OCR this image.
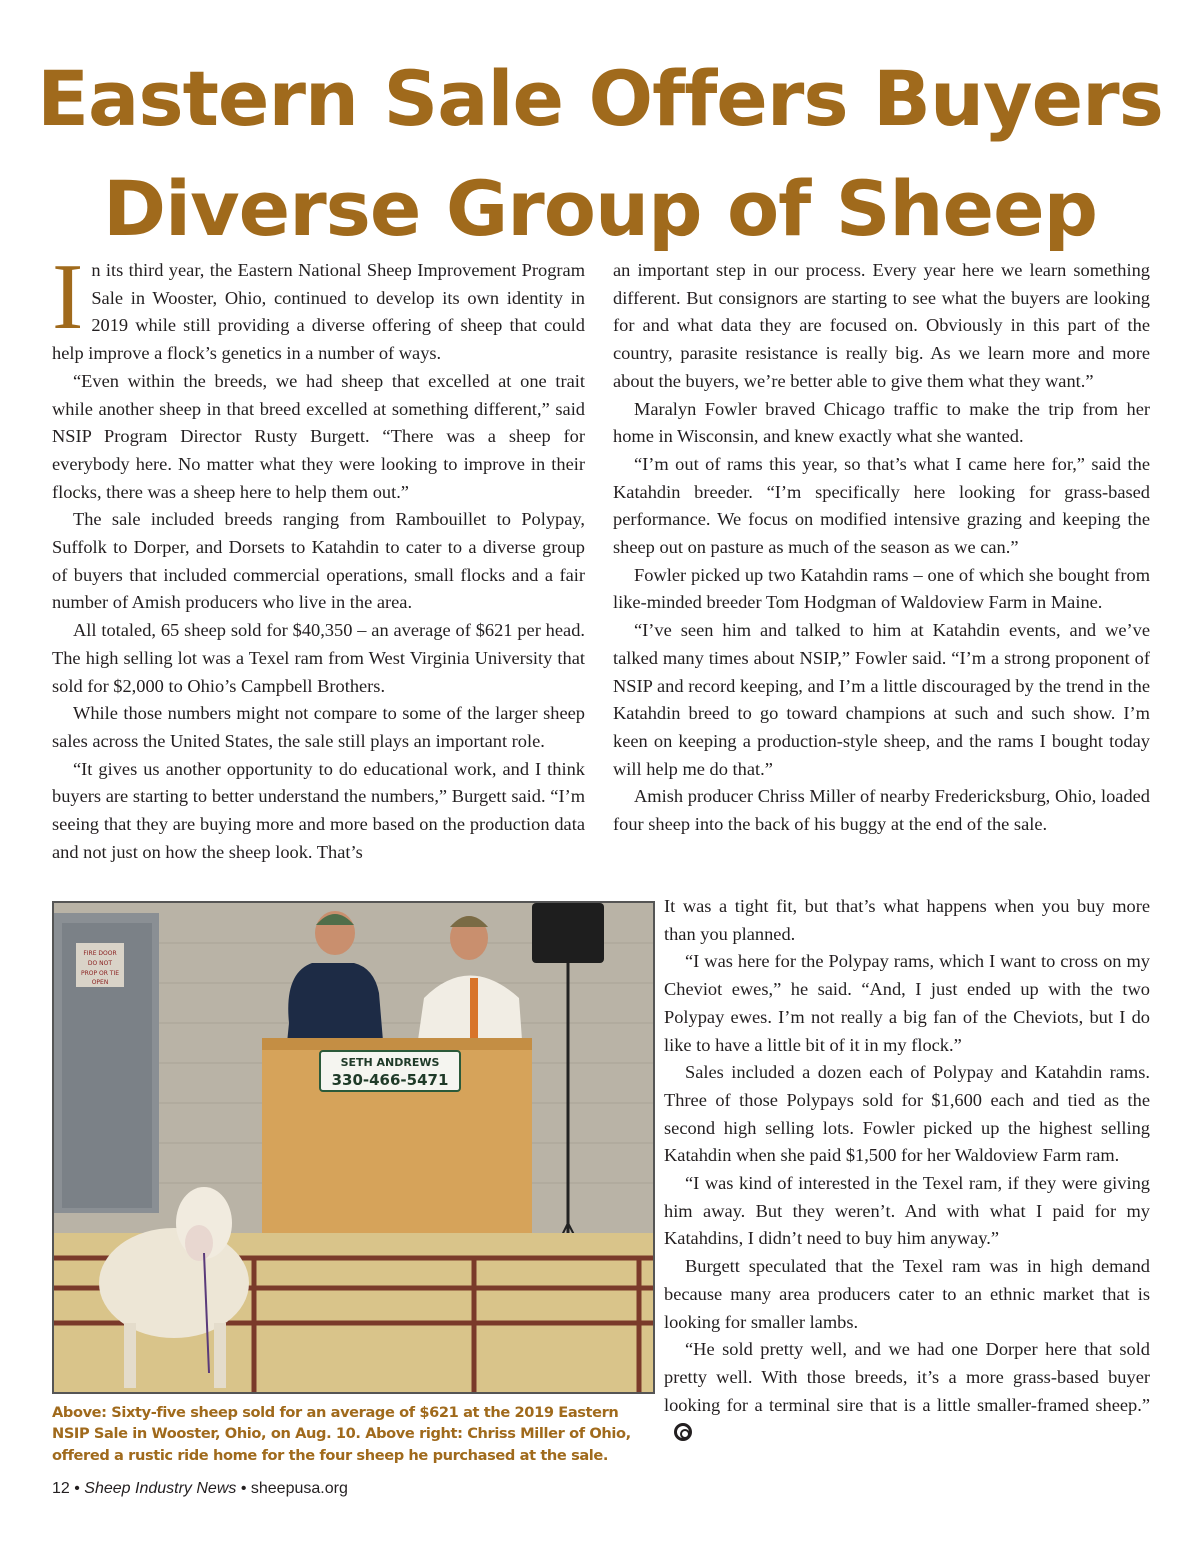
Eastern Sale Offers Buyers
Diverse Group of Sheep

In its third year, the Eastern National Sheep Improvement Program Sale in Wooster, Ohio, continued to develop its own identity in 2019 while still providing a diverse offering of sheep that could help improve a flock’s genetics in a number of ways.

“Even within the breeds, we had sheep that excelled at one trait while another sheep in that breed excelled at something different,” said NSIP Program Director Rusty Burgett. “There was a sheep for everybody here. No matter what they were looking to improve in their flocks, there was a sheep here to help them out.”

The sale included breeds ranging from Rambouillet to Polypay, Suffolk to Dorper, and Dorsets to Katahdin to cater to a diverse group of buyers that included commercial operations, small flocks and a fair number of Amish producers who live in the area.

All totaled, 65 sheep sold for $40,350 – an average of $621 per head. The high selling lot was a Texel ram from West Virginia University that sold for $2,000 to Ohio’s Campbell Brothers.

While those numbers might not compare to some of the larger sheep sales across the United States, the sale still plays an important role.

“It gives us another opportunity to do educational work, and I think buyers are starting to better understand the numbers,” Burgett said. “I’m seeing that they are buying more and more based on the production data and not just on how the sheep look. That’s

an important step in our process. Every year here we learn something different. But consignors are starting to see what the buyers are looking for and what data they are focused on. Obviously in this part of the country, parasite resistance is really big. As we learn more and more about the buyers, we’re better able to give them what they want.”

Maralyn Fowler braved Chicago traffic to make the trip from her home in Wisconsin, and knew exactly what she wanted.

“I’m out of rams this year, so that’s what I came here for,” said the Katahdin breeder. “I’m specifically here looking for grass-based performance. We focus on modified intensive grazing and keeping the sheep out on pasture as much of the season as we can.”

Fowler picked up two Katahdin rams – one of which she bought from like-minded breeder Tom Hodgman of Waldoview Farm in Maine.

“I’ve seen him and talked to him at Katahdin events, and we’ve talked many times about NSIP,” Fowler said. “I’m a strong proponent of NSIP and record keeping, and I’m a little discouraged by the trend in the Katahdin breed to go toward champions at such and such show. I’m keen on keeping a production-style sheep, and the rams I bought today will help me do that.”

Amish producer Chriss Miller of nearby Fredericksburg, Ohio, loaded four sheep into the back of his buggy at the end of the sale.

It was a tight fit, but that’s what happens when you buy more than you planned.

“I was here for the Polypay rams, which I want to cross on my Cheviot ewes,” he said. “And, I just ended up with the two Polypay ewes. I’m not really a big fan of the Cheviots, but I do like to have a little bit of it in my flock.”

Sales included a dozen each of Polypay and Katahdin rams. Three of those Polypays sold for $1,600 each and tied as the second high selling lots. Fowler picked up the highest selling Katahdin when she paid $1,500 for her Waldoview Farm ram.

“I was kind of interested in the Texel ram, if they were giving him away. But they weren’t. And with what I paid for my Katahdins, I didn’t need to buy him anyway.”

Burgett speculated that the Texel ram was in high demand because many area producers cater to an ethnic market that is looking for smaller lambs.

“He sold pretty well, and we had one Dorper here that sold pretty well. With those breeds, it’s a more grass-based buyer looking for a terminal sire that is a little smaller-framed sheep.”

FIRE DOOR
DO NOT
PROP OR TIE
OPEN
SETH ANDREWS
330-466-5471

Above: Sixty-five sheep sold for an average of $621 at the 2019 Eastern NSIP Sale in Wooster, Ohio, on Aug. 10. Above right: Chriss Miller of Ohio, offered a rustic ride home for the four sheep he purchased at the sale.

12 • Sheep Industry News • sheepusa.org
